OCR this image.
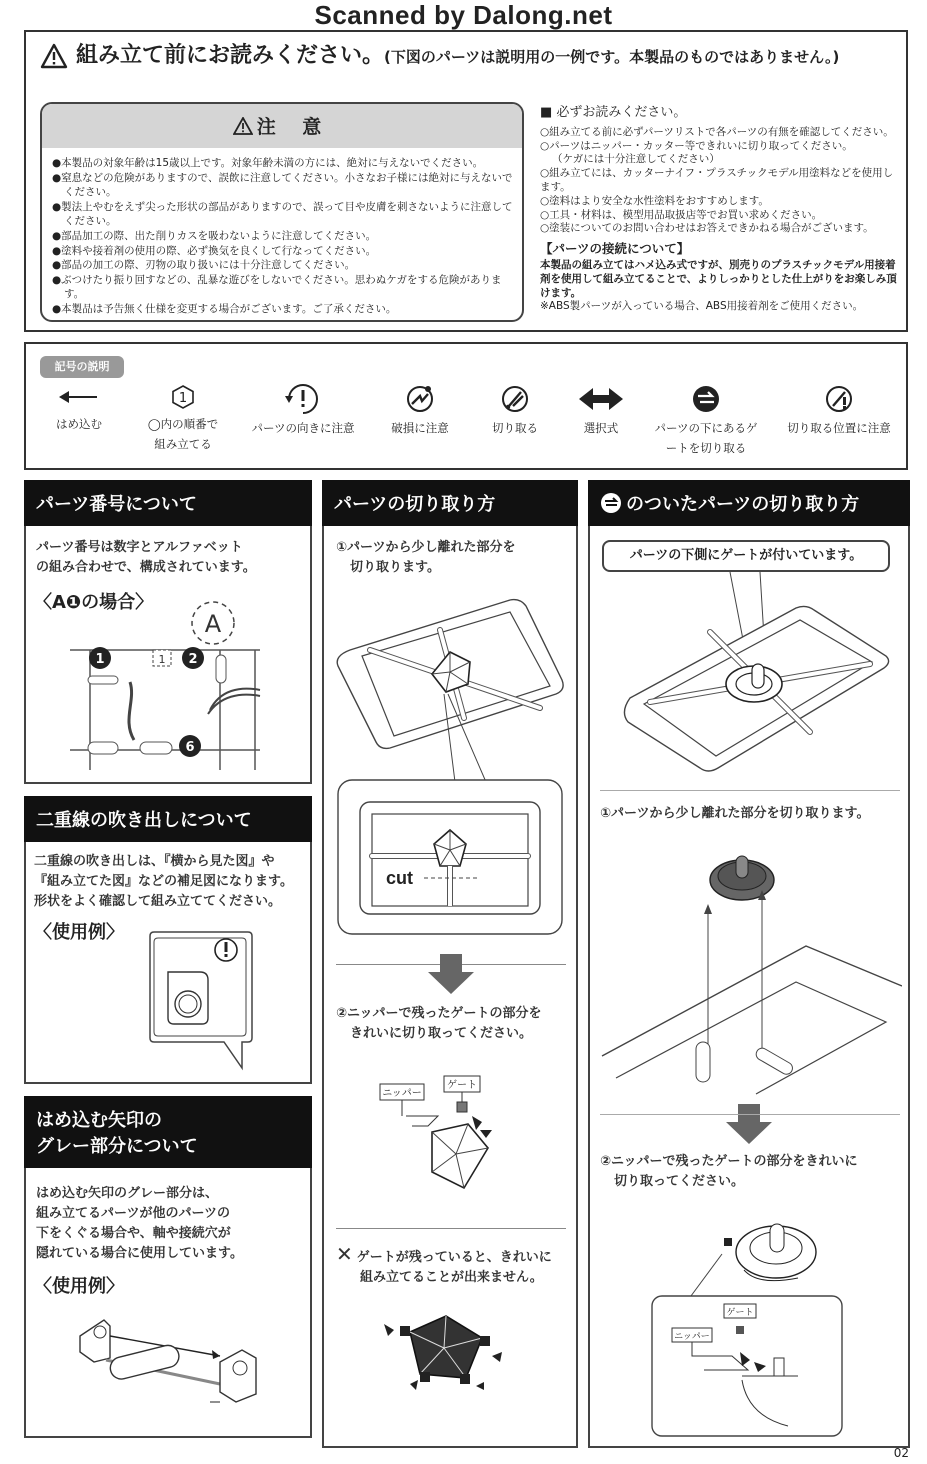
Scanned by Dalong.net
組み立て前にお読みください。(下図のパーツは説明用の一例です。本製品のものではありません。)
注 意
●本製品の対象年齢は15歳以上です。対象年齢未満の方には、絶対に与えないでください。
●窒息などの危険がありますので、誤飲に注意してください。小さなお子様には絶対に与えないでください。
●製法上やむをえず尖った形状の部品がありますので、誤って目や皮膚を刺さないように注意してください。
●部品加工の際、出た削りカスを吸わないように注意してください。
●塗料や接着剤の使用の際、必ず換気を良くして行なってください。
●部品の加工の際、刃物の取り扱いには十分注意してください。
●ぶつけたり振り回すなどの、乱暴な遊びをしないでください。思わぬケガをする危険があります。
●本製品は予告無く仕様を変更する場合がございます。ご了承ください。
■ 必ずお読みください。
○組み立てる前に必ずパーツリストで各パーツの有無を確認してください。
○パーツはニッパー・カッター等できれいに切り取ってください。
（ケガには十分注意してください）
○組み立てには、カッターナイフ・プラスチックモデル用塗料などを使用します。
○塗料はより安全な水性塗料をおすすめします。
○工具・材料は、模型用品取扱店等でお買い求めください。
○塗装についてのお問い合わせはお答えできかねる場合がございます。
【パーツの接続について】
本製品の組み立てはハメ込み式ですが、別売りのプラスチックモデル用接着剤を使用して組み立てることで、よりしっかりとした仕上がりをお楽しみ頂けます。
※ABS製パーツが入っている場合、ABS用接着剤をご使用ください。
記号の説明
はめ込む
1
◯内の順番で組み立てる
パーツの向きに注意	破損に注意	切り取る	選択式	パーツの下にあるゲートを切り取る
切り取る位置に注意
パーツ番号について
パーツ番号は数字とアルファベット
の組み合わせで、構成されています。
〈A❶の場合〉
A
1
1	2
6
二重線の吹き出しについて
二重線の吹き出しは、『横から見た図』や
『組み立てた図』などの補足図になります。
形状をよく確認して組み立ててください。
〈使用例〉
はめ込む矢印の
グレー部分について
はめ込む矢印のグレー部分は、
組み立てるパーツが他のパーツの
下をくぐる場合や、軸や接続穴が
隠れている場合に使用しています。
〈使用例〉
パーツの切り取り方
①パーツから少し離れた部分を
切り取ります。
cut
②ニッパーで残ったゲートの部分を
きれいに切り取ってください。
ニッパー
ゲート
✕ ゲートが残っていると、きれいに
組み立てることが出来ません。
のついたパーツの切り取り方
パーツの下側にゲートが付いています。
①パーツから少し離れた部分を切り取ります。
②ニッパーで残ったゲートの部分をきれいに
切り取ってください。
ゲート
ニッパー
02
